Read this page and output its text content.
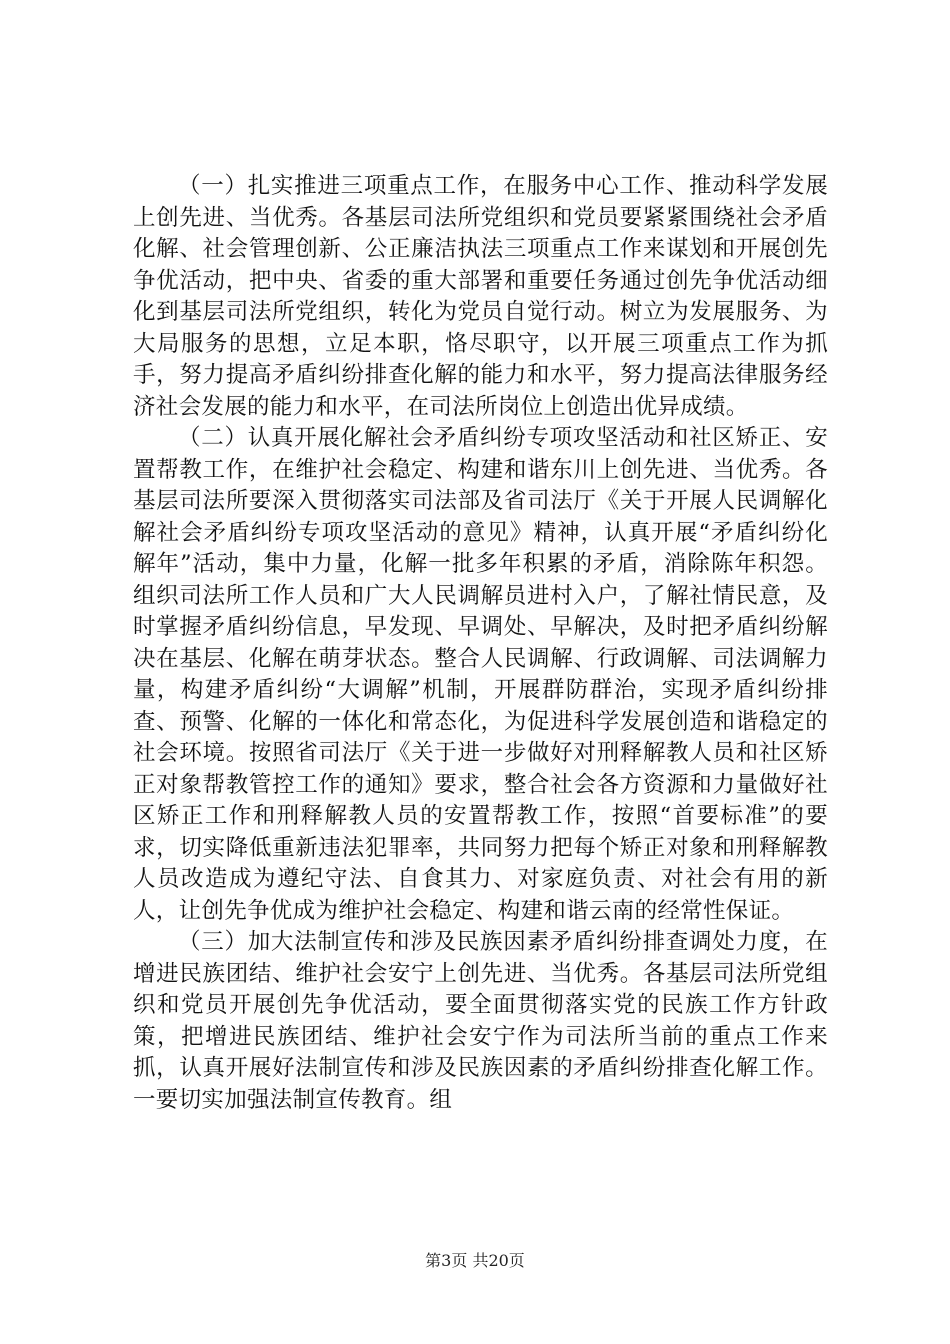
（一）扎实推进三项重点工作，在服务中心工作、推动科学发展上创先进、当优秀。各基层司法所党组织和党员要紧紧围绕社会矛盾化解、社会管理创新、公正廉洁执法三项重点工作来谋划和开展创先争优活动，把中央、省委的重大部署和重要任务通过创先争优活动细化到基层司法所党组织，转化为党员自觉行动。树立为发展服务、为大局服务的思想，立足本职，恪尽职守，以开展三项重点工作为抓手，努力提高矛盾纠纷排查化解的能力和水平，努力提高法律服务经济社会发展的能力和水平，在司法所岗位上创造出优异成绩。

（二）认真开展化解社会矛盾纠纷专项攻坚活动和社区矫正、安置帮教工作，在维护社会稳定、构建和谐东川上创先进、当优秀。各基层司法所要深入贯彻落实司法部及省司法厅《关于开展人民调解化解社会矛盾纠纷专项攻坚活动的意见》精神，认真开展“矛盾纠纷化解年”活动，集中力量，化解一批多年积累的矛盾，消除陈年积怨。组织司法所工作人员和广大人民调解员进村入户，了解社情民意，及时掌握矛盾纠纷信息，早发现、早调处、早解决，及时把矛盾纠纷解决在基层、化解在萌芽状态。整合人民调解、行政调解、司法调解力量，构建矛盾纠纷“大调解”机制，开展群防群治，实现矛盾纠纷排查、预警、化解的一体化和常态化，为促进科学发展创造和谐稳定的社会环境。按照省司法厅《关于进一步做好对刑释解教人员和社区矫正对象帮教管控工作的通知》要求，整合社会各方资源和力量做好社区矫正工作和刑释解教人员的安置帮教工作，按照“首要标准”的要求，切实降低重新违法犯罪率，共同努力把每个矫正对象和刑释解教人员改造成为遵纪守法、自食其力、对家庭负责、对社会有用的新人，让创先争优成为维护社会稳定、构建和谐云南的经常性保证。

（三）加大法制宣传和涉及民族因素矛盾纠纷排查调处力度，在增进民族团结、维护社会安宁上创先进、当优秀。各基层司法所党组织和党员开展创先争优活动，要全面贯彻落实党的民族工作方针政策，把增进民族团结、维护社会安宁作为司法所当前的重点工作来抓，认真开展好法制宣传和涉及民族因素的矛盾纠纷排查化解工作。一要切实加强法制宣传教育。组

第3页 共20页
